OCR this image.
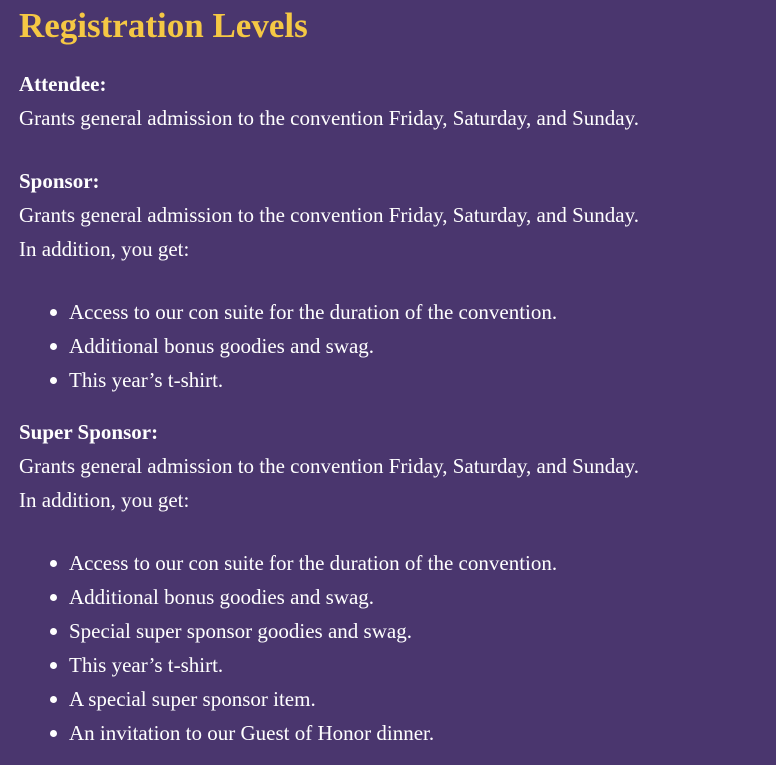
Registration Levels
Attendee:
Grants general admission to the convention Friday, Saturday, and Sunday.
Sponsor:
Grants general admission to the convention Friday, Saturday, and Sunday.
In addition, you get:
Access to our con suite for the duration of the convention.
Additional bonus goodies and swag.
This year’s t-shirt.
Super Sponsor:
Grants general admission to the convention Friday, Saturday, and Sunday.
In addition, you get:
Access to our con suite for the duration of the convention.
Additional bonus goodies and swag.
Special super sponsor goodies and swag.
This year’s t-shirt.
A special super sponsor item.
An invitation to our Guest of Honor dinner.
